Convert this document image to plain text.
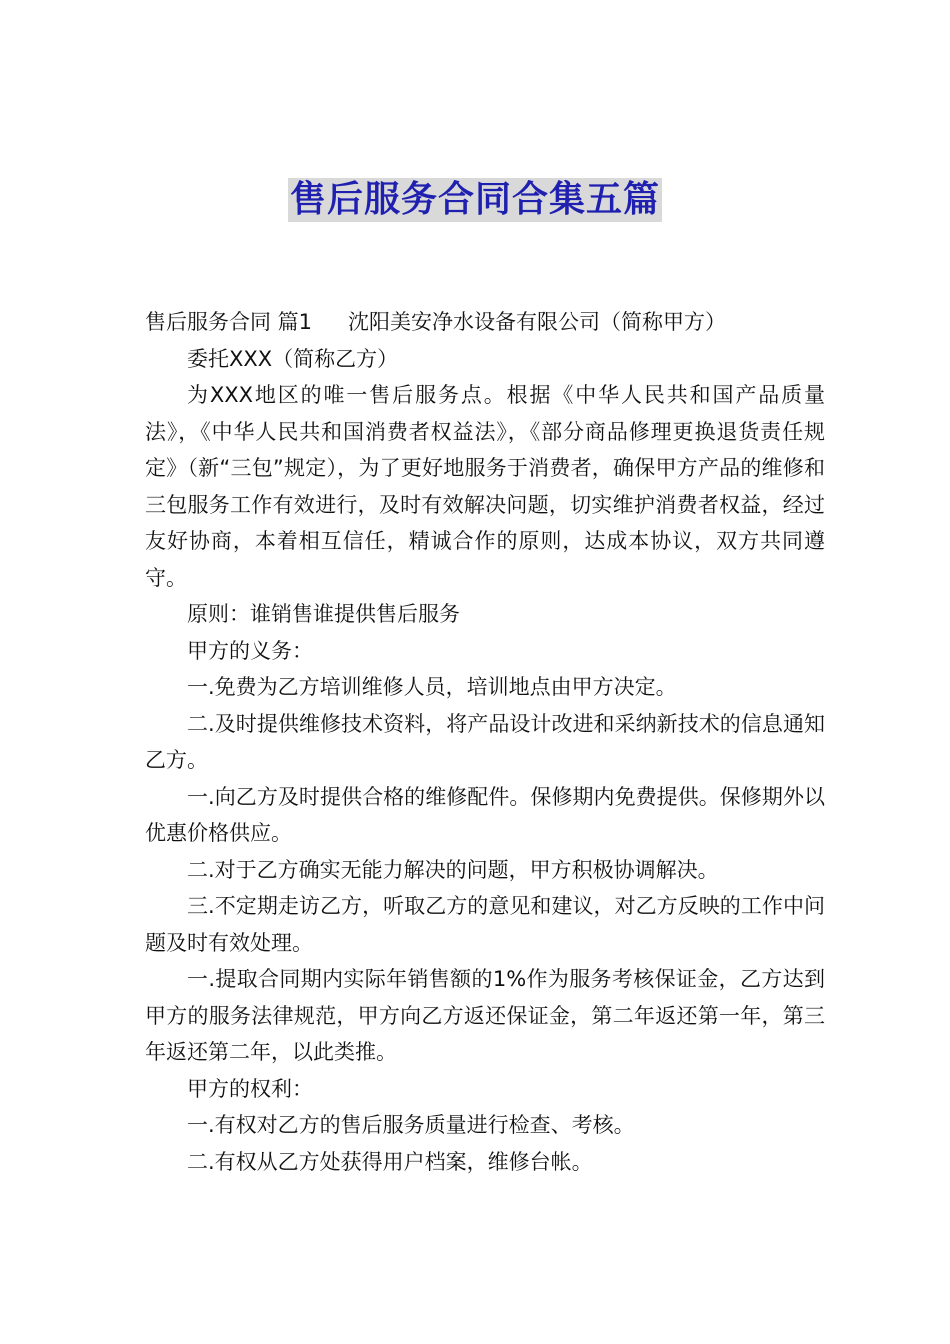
售后服务合同合集五篇

售后服务合同 篇1 沈阳美安净水设备有限公司（简称甲方）

委托XXX（简称乙方）

为XXX地区的唯一售后服务点。根据《中华人民共和国产品质量法》，《中华人民共和国消费者权益法》，《部分商品修理更换退货责任规定》（新“三包”规定），为了更好地服务于消费者，确保甲方产品的维修和三包服务工作有效进行，及时有效解决问题，切实维护消费者权益，经过友好协商，本着相互信任，精诚合作的原则，达成本协议，双方共同遵守。

原则：谁销售谁提供售后服务

甲方的义务：

一.免费为乙方培训维修人员，培训地点由甲方决定。

二.及时提供维修技术资料，将产品设计改进和采纳新技术的信息通知乙方。

一.向乙方及时提供合格的维修配件。保修期内免费提供。保修期外以优惠价格供应。

二.对于乙方确实无能力解决的问题，甲方积极协调解决。

三.不定期走访乙方，听取乙方的意见和建议，对乙方反映的工作中问题及时有效处理。

一.提取合同期内实际年销售额的1%作为服务考核保证金，乙方达到甲方的服务法律规范，甲方向乙方返还保证金，第二年返还第一年，第三年返还第二年，以此类推。

甲方的权利：

一.有权对乙方的售后服务质量进行检查、考核。

二.有权从乙方处获得用户档案，维修台帐。
